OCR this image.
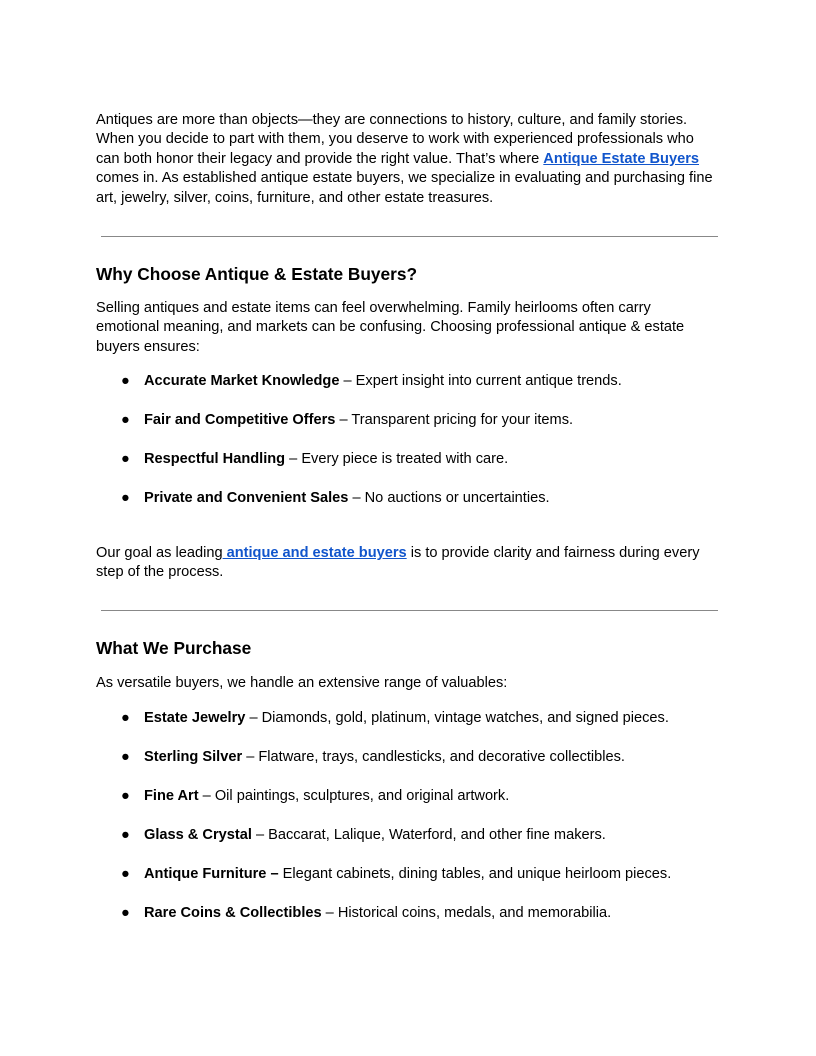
Antiques are more than objects—they are connections to history, culture, and family stories. When you decide to part with them, you deserve to work with experienced professionals who can both honor their legacy and provide the right value. That’s where Antique Estate Buyers comes in. As established antique estate buyers, we specialize in evaluating and purchasing fine art, jewelry, silver, coins, furniture, and other estate treasures.

Why Choose Antique & Estate Buyers?

Selling antiques and estate items can feel overwhelming. Family heirlooms often carry emotional meaning, and markets can be confusing. Choosing professional antique & estate buyers ensures:

● Accurate Market Knowledge – Expert insight into current antique trends.
● Fair and Competitive Offers – Transparent pricing for your items.
● Respectful Handling – Every piece is treated with care.
● Private and Convenient Sales – No auctions or uncertainties.

Our goal as leading antique and estate buyers is to provide clarity and fairness during every step of the process.

What We Purchase

As versatile buyers, we handle an extensive range of valuables:

● Estate Jewelry – Diamonds, gold, platinum, vintage watches, and signed pieces.
● Sterling Silver – Flatware, trays, candlesticks, and decorative collectibles.
● Fine Art – Oil paintings, sculptures, and original artwork.
● Glass & Crystal – Baccarat, Lalique, Waterford, and other fine makers.
● Antique Furniture – Elegant cabinets, dining tables, and unique heirloom pieces.
● Rare Coins & Collectibles – Historical coins, medals, and memorabilia.
